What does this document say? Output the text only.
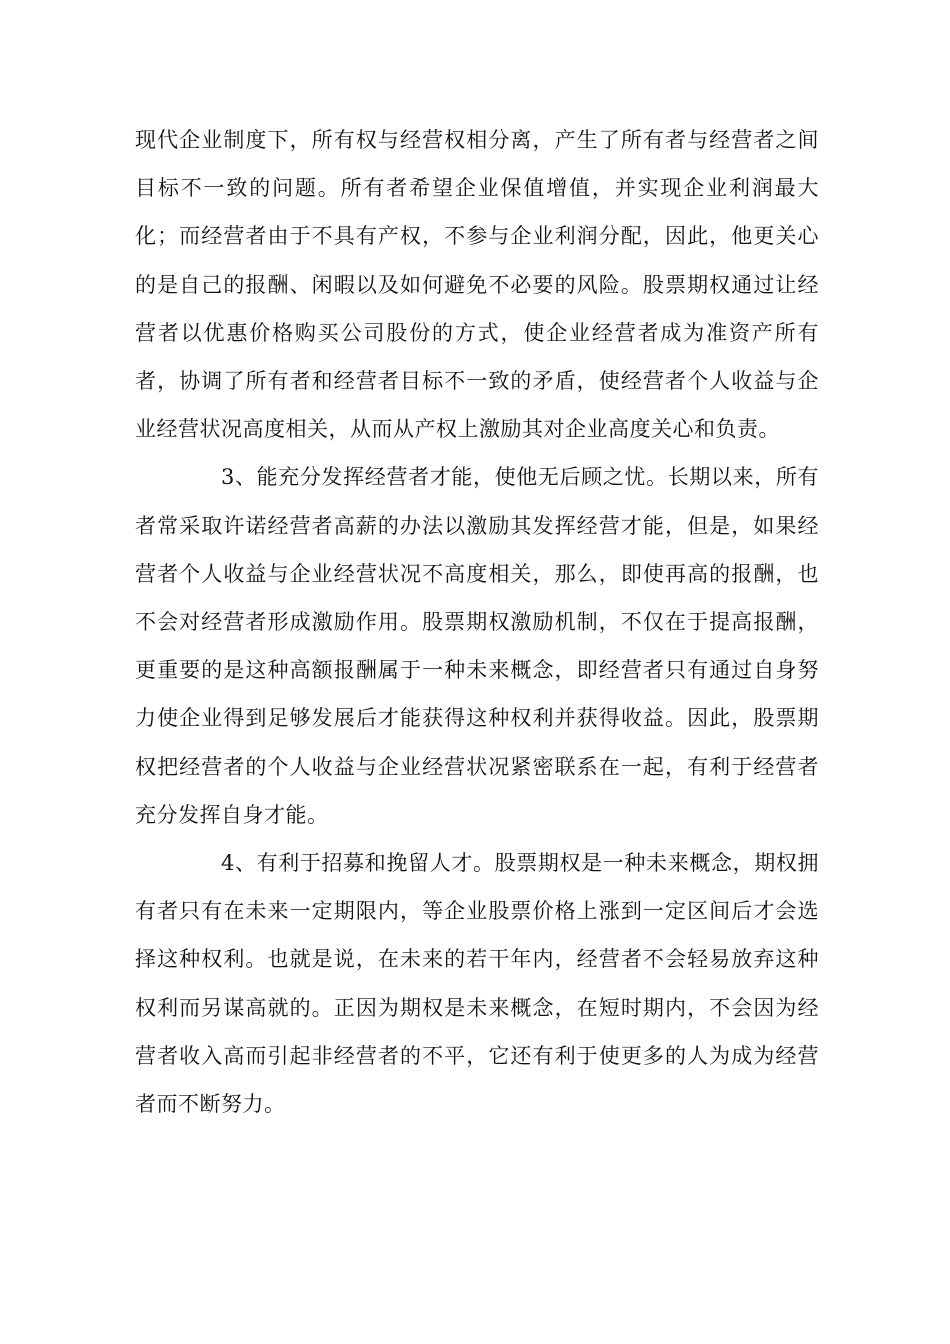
现代企业制度下，所有权与经营权相分离，产生了所有者与经营者之间目标不一致的问题。所有者希望企业保值增值，并实现企业利润最大化；而经营者由于不具有产权，不参与企业利润分配，因此，他更关心的是自己的报酬、闲暇以及如何避免不必要的风险。股票期权通过让经营者以优惠价格购买公司股份的方式，使企业经营者成为准资产所有者，协调了所有者和经营者目标不一致的矛盾，使经营者个人收益与企业经营状况高度相关，从而从产权上激励其对企业高度关心和负责。

3、能充分发挥经营者才能，使他无后顾之忧。长期以来，所有者常采取许诺经营者高薪的办法以激励其发挥经营才能，但是，如果经营者个人收益与企业经营状况不高度相关，那么，即使再高的报酬，也不会对经营者形成激励作用。股票期权激励机制，不仅在于提高报酬，更重要的是这种高额报酬属于一种未来概念，即经营者只有通过自身努力使企业得到足够发展后才能获得这种权利并获得收益。因此，股票期权把经营者的个人收益与企业经营状况紧密联系在一起，有利于经营者充分发挥自身才能。

4、有利于招募和挽留人才。股票期权是一种未来概念，期权拥有者只有在未来一定期限内，等企业股票价格上涨到一定区间后才会选择这种权利。也就是说，在未来的若干年内，经营者不会轻易放弃这种权利而另谋高就的。正因为期权是未来概念，在短时期内，不会因为经营者收入高而引起非经营者的不平，它还有利于使更多的人为成为经营者而不断努力。
